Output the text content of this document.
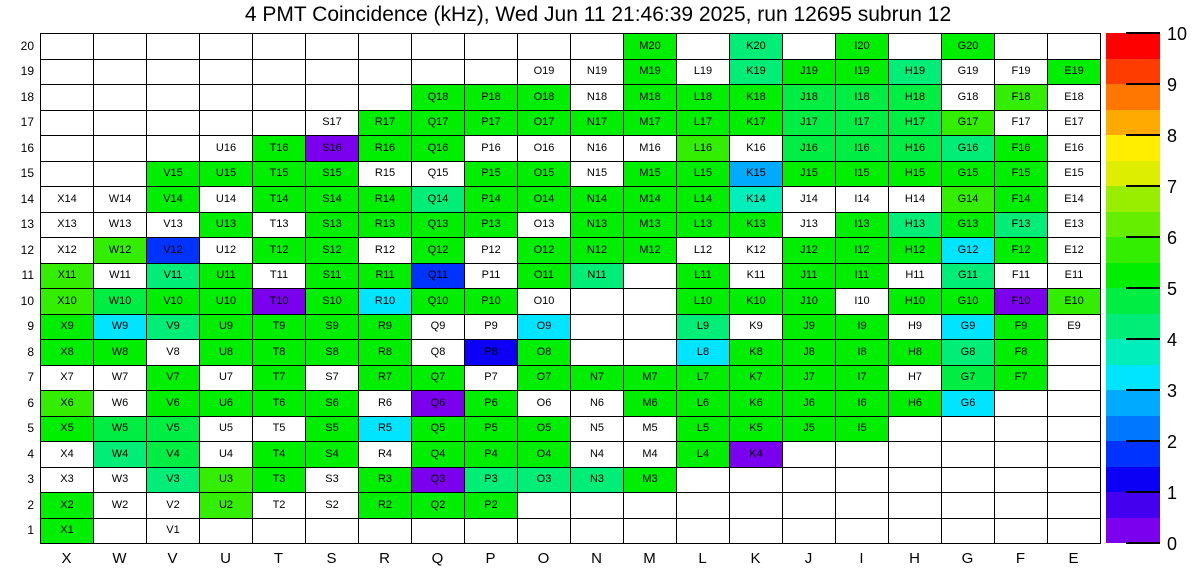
4 PMT Coincidence (kHz), Wed Jun 11 21:46:39 2025, run 12695 subrun 12
M20	K20	I20	G20
O19	N19	M19	L19	K19	J19	I19	H19	G19	F19	E19
Q18	P18	O18	N18	M18	L18	K18	J18	I18	H18	G18	F18	E18
S17	R17	Q17	P17	O17	N17	M17	L17	K17	J17	I17	H17	G17	F17	E17
U16	T16	S16	R16	Q16	P16	O16	N16	M16	L16	K16	J16	I16	H16	G16	F16	E16
V15	U15	T15	S15	R15	Q15	P15	O15	N15	M15	L15	K15	J15	I15	H15	G15	F15	E15
X14	W14	V14	U14	T14	S14	R14	Q14	P14	O14	N14	M14	L14	K14	J14	I14	H14	G14	F14	E14
X13	W13	V13	U13	T13	S13	R13	Q13	P13	O13	N13	M13	L13	K13	J13	I13	H13	G13	F13	E13
X12	W12	V12	U12	T12	S12	R12	Q12	P12	O12	N12	M12	L12	K12	J12	I12	H12	G12	F12	E12
X11	W11	V11	U11	T11	S11	R11	Q11	P11	O11	N11	L11	K11	J11	I11	H11	G11	F11	E11
X10	W10	V10	U10	T10	S10	R10	Q10	P10	O10	L10	K10	J10	I10	H10	G10	F10	E10
X9	W9	V9	U9	T9	S9	R9	Q9	P9	O9	L9	K9	J9	I9	H9	G9	F9	E9
X8	W8	V8	U8	T8	S8	R8	Q8	P8	O8	L8	K8	J8	I8	H8	G8	F8
X7	W7	V7	U7	T7	S7	R7	Q7	P7	O7	N7	M7	L7	K7	J7	I7	H7	G7	F7
X6	W6	V6	U6	T6	S6	R6	Q6	P6	O6	N6	M6	L6	K6	J6	I6	H6	G6
X5	W5	V5	U5	T5	S5	R5	Q5	P5	O5	N5	M5	L5	K5	J5	I5
X4	W4	V4	U4	T4	S4	R4	Q4	P4	O4	N4	M4	L4	K4
X3	W3	V3	U3	T3	S3	R3	Q3	P3	O3	N3	M3
X2	W2	V2	U2	T2	S2	R2	Q2	P2
X1	V1
1
2
3
4
5
6
7
8
9
10
11
12
13
14
15
16
17
18
19
20
X	W	V	U	T	S	R	Q	P	O	N	M	L	K	J	I	H	G	F	E
0
1
2
3
4
5
6
7
8
9
10
